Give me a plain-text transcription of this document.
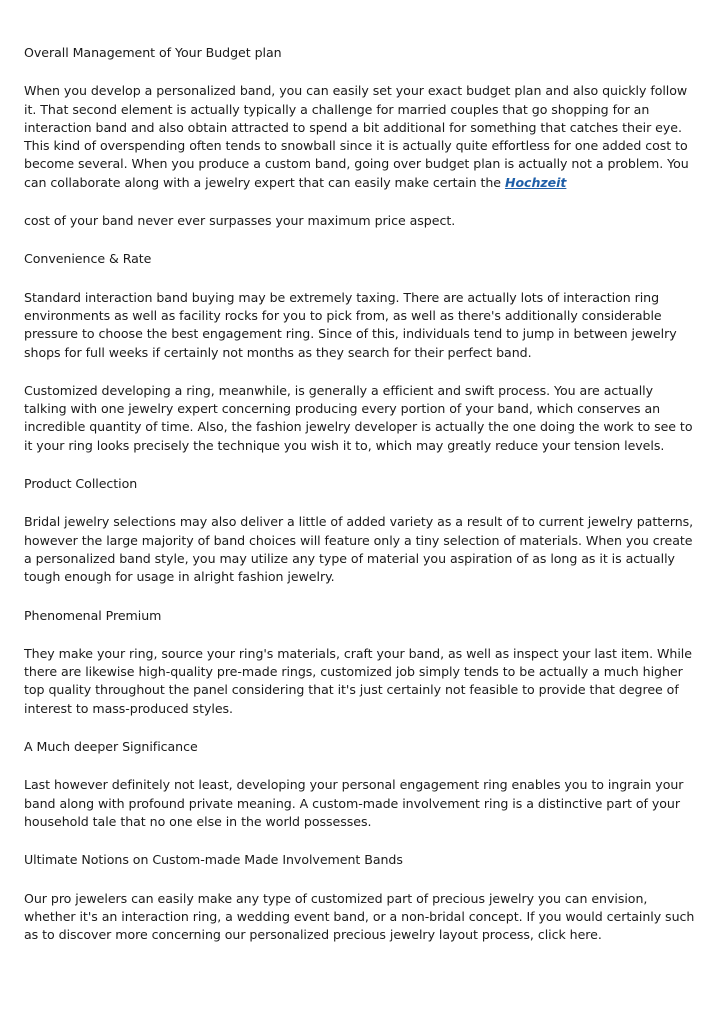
Overall Management of Your Budget plan
When you develop a personalized band, you can easily set your exact budget plan and also quickly follow it. That second element is actually typically a challenge for married couples that go shopping for an interaction band and also obtain attracted to spend a bit additional for something that catches their eye. This kind of overspending often tends to snowball since it is actually quite effortless for one added cost to become several. When you produce a custom band, going over budget plan is actually not a problem. You can collaborate along with a jewelry expert that can easily make certain the Hochzeit
cost of your band never ever surpasses your maximum price aspect.
Convenience & Rate
Standard interaction band buying may be extremely taxing. There are actually lots of interaction ring environments as well as facility rocks for you to pick from, as well as there's additionally considerable pressure to choose the best engagement ring. Since of this, individuals tend to jump in between jewelry shops for full weeks if certainly not months as they search for their perfect band.
Customized developing a ring, meanwhile, is generally a efficient and swift process. You are actually talking with one jewelry expert concerning producing every portion of your band, which conserves an incredible quantity of time. Also, the fashion jewelry developer is actually the one doing the work to see to it your ring looks precisely the technique you wish it to, which may greatly reduce your tension levels.
Product Collection
Bridal jewelry selections may also deliver a little of added variety as a result of to current jewelry patterns, however the large majority of band choices will feature only a tiny selection of materials. When you create a personalized band style, you may utilize any type of material you aspiration of as long as it is actually tough enough for usage in alright fashion jewelry.
Phenomenal Premium
They make your ring, source your ring's materials, craft your band, as well as inspect your last item. While there are likewise high-quality pre-made rings, customized job simply tends to be actually a much higher top quality throughout the panel considering that it's just certainly not feasible to provide that degree of interest to mass-produced styles.
A Much deeper Significance
Last however definitely not least, developing your personal engagement ring enables you to ingrain your band along with profound private meaning. A custom-made involvement ring is a distinctive part of your household tale that no one else in the world possesses.
Ultimate Notions on Custom-made Made Involvement Bands
Our pro jewelers can easily make any type of customized part of precious jewelry you can envision, whether it's an interaction ring, a wedding event band, or a non-bridal concept. If you would certainly such as to discover more concerning our personalized precious jewelry layout process, click here.
